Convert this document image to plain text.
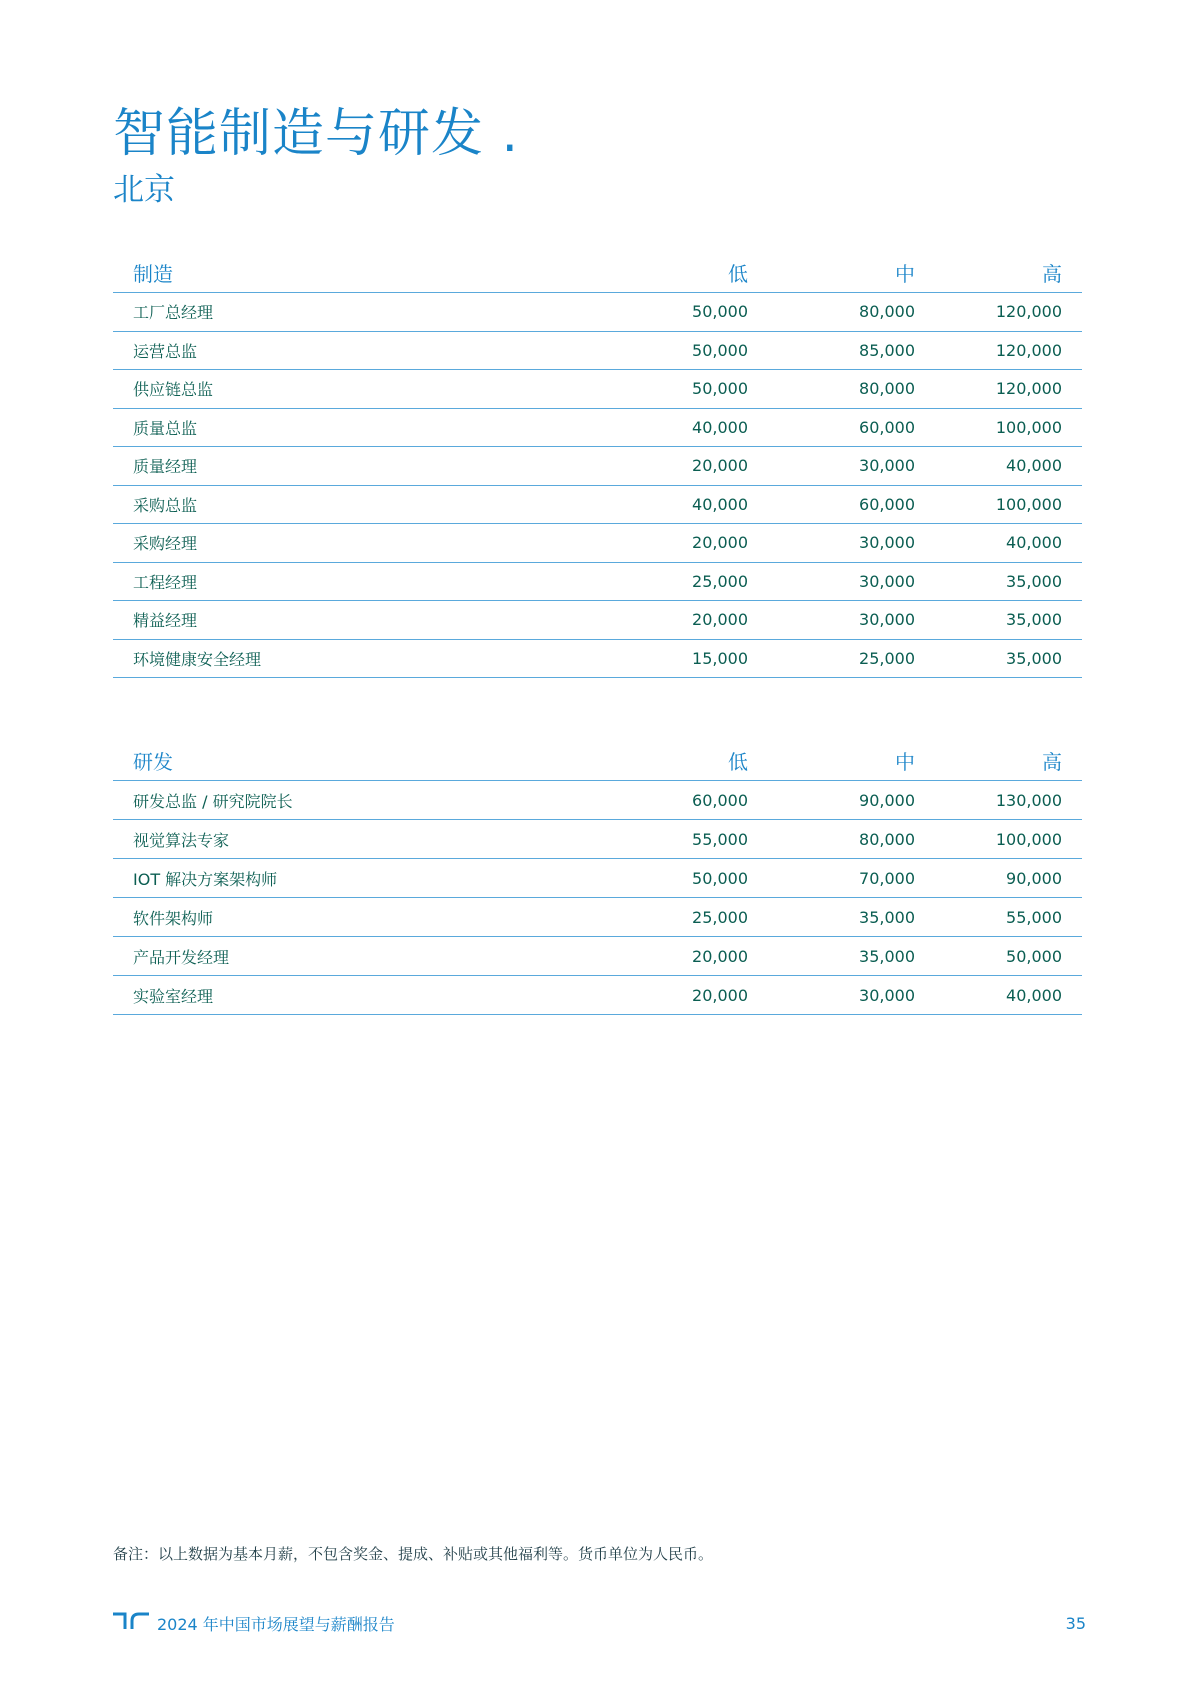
智能制造与研发 .
北京
制造	低	中	高
工厂总经理	50,000	80,000	120,000
运营总监	50,000	85,000	120,000
供应链总监	50,000	80,000	120,000
质量总监	40,000	60,000	100,000
质量经理	20,000	30,000	40,000
采购总监	40,000	60,000	100,000
采购经理	20,000	30,000	40,000
工程经理	25,000	30,000	35,000
精益经理	20,000	30,000	35,000
环境健康安全经理	15,000	25,000	35,000
研发	低	中	高
研发总监 / 研究院院长	60,000	90,000	130,000
视觉算法专家	55,000	80,000	100,000
IOT 解决方案架构师	50,000	70,000	90,000
软件架构师	25,000	35,000	55,000
产品开发经理	20,000	35,000	50,000
实验室经理	20,000	30,000	40,000
备注：以上数据为基本月薪，不包含奖金、提成、补贴或其他福利等。货币单位为人民币。
2024 年中国市场展望与薪酬报告	35
